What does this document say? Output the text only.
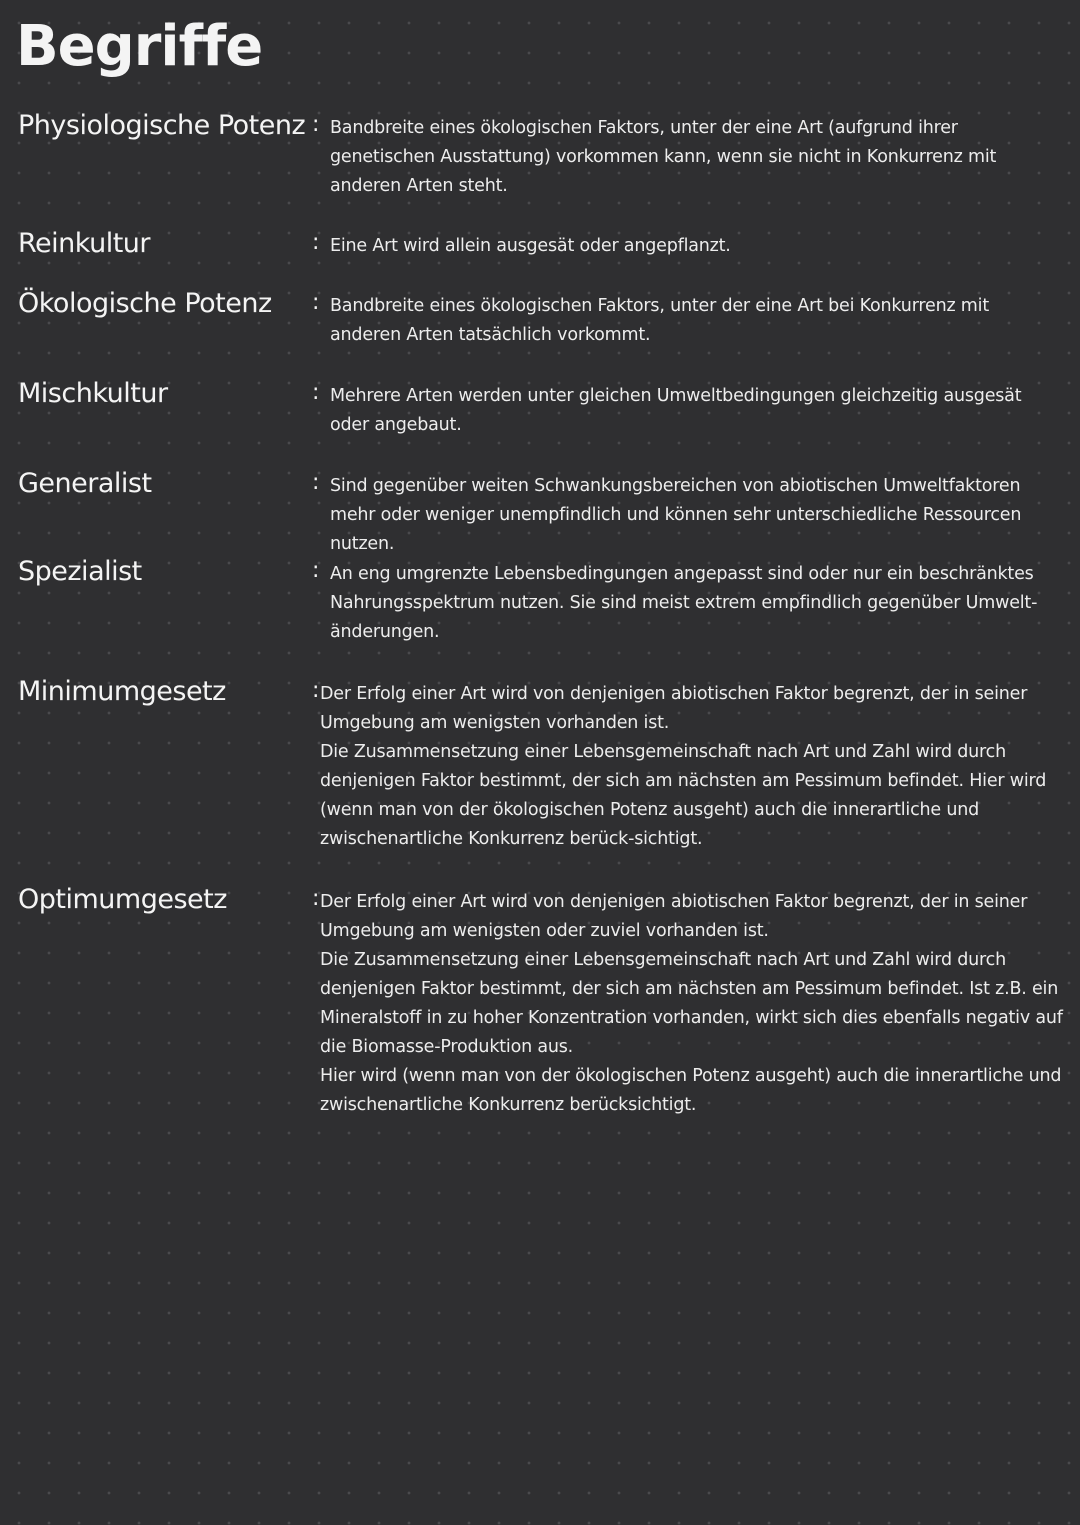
Begriffe
Physiologische Potenz : Bandbreite eines ökologischen Faktors, unter der eine Art (aufgrund ihrer genetischen Ausstattung) vorkommen kann, wenn sie nicht in Konkurrenz mit anderen Arten steht.

Reinkultur	: Eine Art wird allein ausgesät oder angepflanzt.

Ökologische Potenz : Bandbreite eines ökologischen Faktors, unter der eine Art bei Konkurrenz mit anderen Arten tatsächlich vorkommt.

Mischkultur	: Mehrere Arten werden unter gleichen Umweltbedingungen gleichzeitig ausgesät oder angebaut.

Generalist	: Sind gegenüber weiten Schwankungsbereichen von abiotischen Umweltfaktoren mehr oder weniger unempfindlich und können sehr unterschiedliche Ressourcen nutzen.

Spezialist	: An eng umgrenzte Lebensbedingungen angepasst sind oder nur ein beschränktes Nahrungsspektrum nutzen. Sie sind meist extrem empfindlich gegenüber Umwelt-änderungen.

Minimumgesetz	: Der Erfolg einer Art wird von denjenigen abiotischen Faktor begrenzt, der in seiner Umgebung am wenigsten vorhanden ist.

Die Zusammensetzung einer Lebensgemeinschaft nach Art und Zahl wird durch denjenigen Faktor bestimmt, der sich am nächsten am Pessimum befindet. Hier wird (wenn man von der ökologischen Potenz ausgeht) auch die innerartliche und zwischenartliche Konkurrenz berück-sichtigt.

Optimumgesetz	: Der Erfolg einer Art wird von denjenigen abiotischen Faktor begrenzt, der in seiner Umgebung am wenigsten oder zuviel vorhanden ist.

Die Zusammensetzung einer Lebensgemeinschaft nach Art und Zahl wird durch denjenigen Faktor bestimmt, der sich am nächsten am Pessimum befindet. Ist z.B. ein Mineralstoff in zu hoher Konzentration vorhanden, wirkt sich dies ebenfalls negativ auf die Biomasse-Produktion aus.

Hier wird (wenn man von der ökologischen Potenz ausgeht) auch die innerartliche und zwischenartliche Konkurrenz berücksichtigt.
